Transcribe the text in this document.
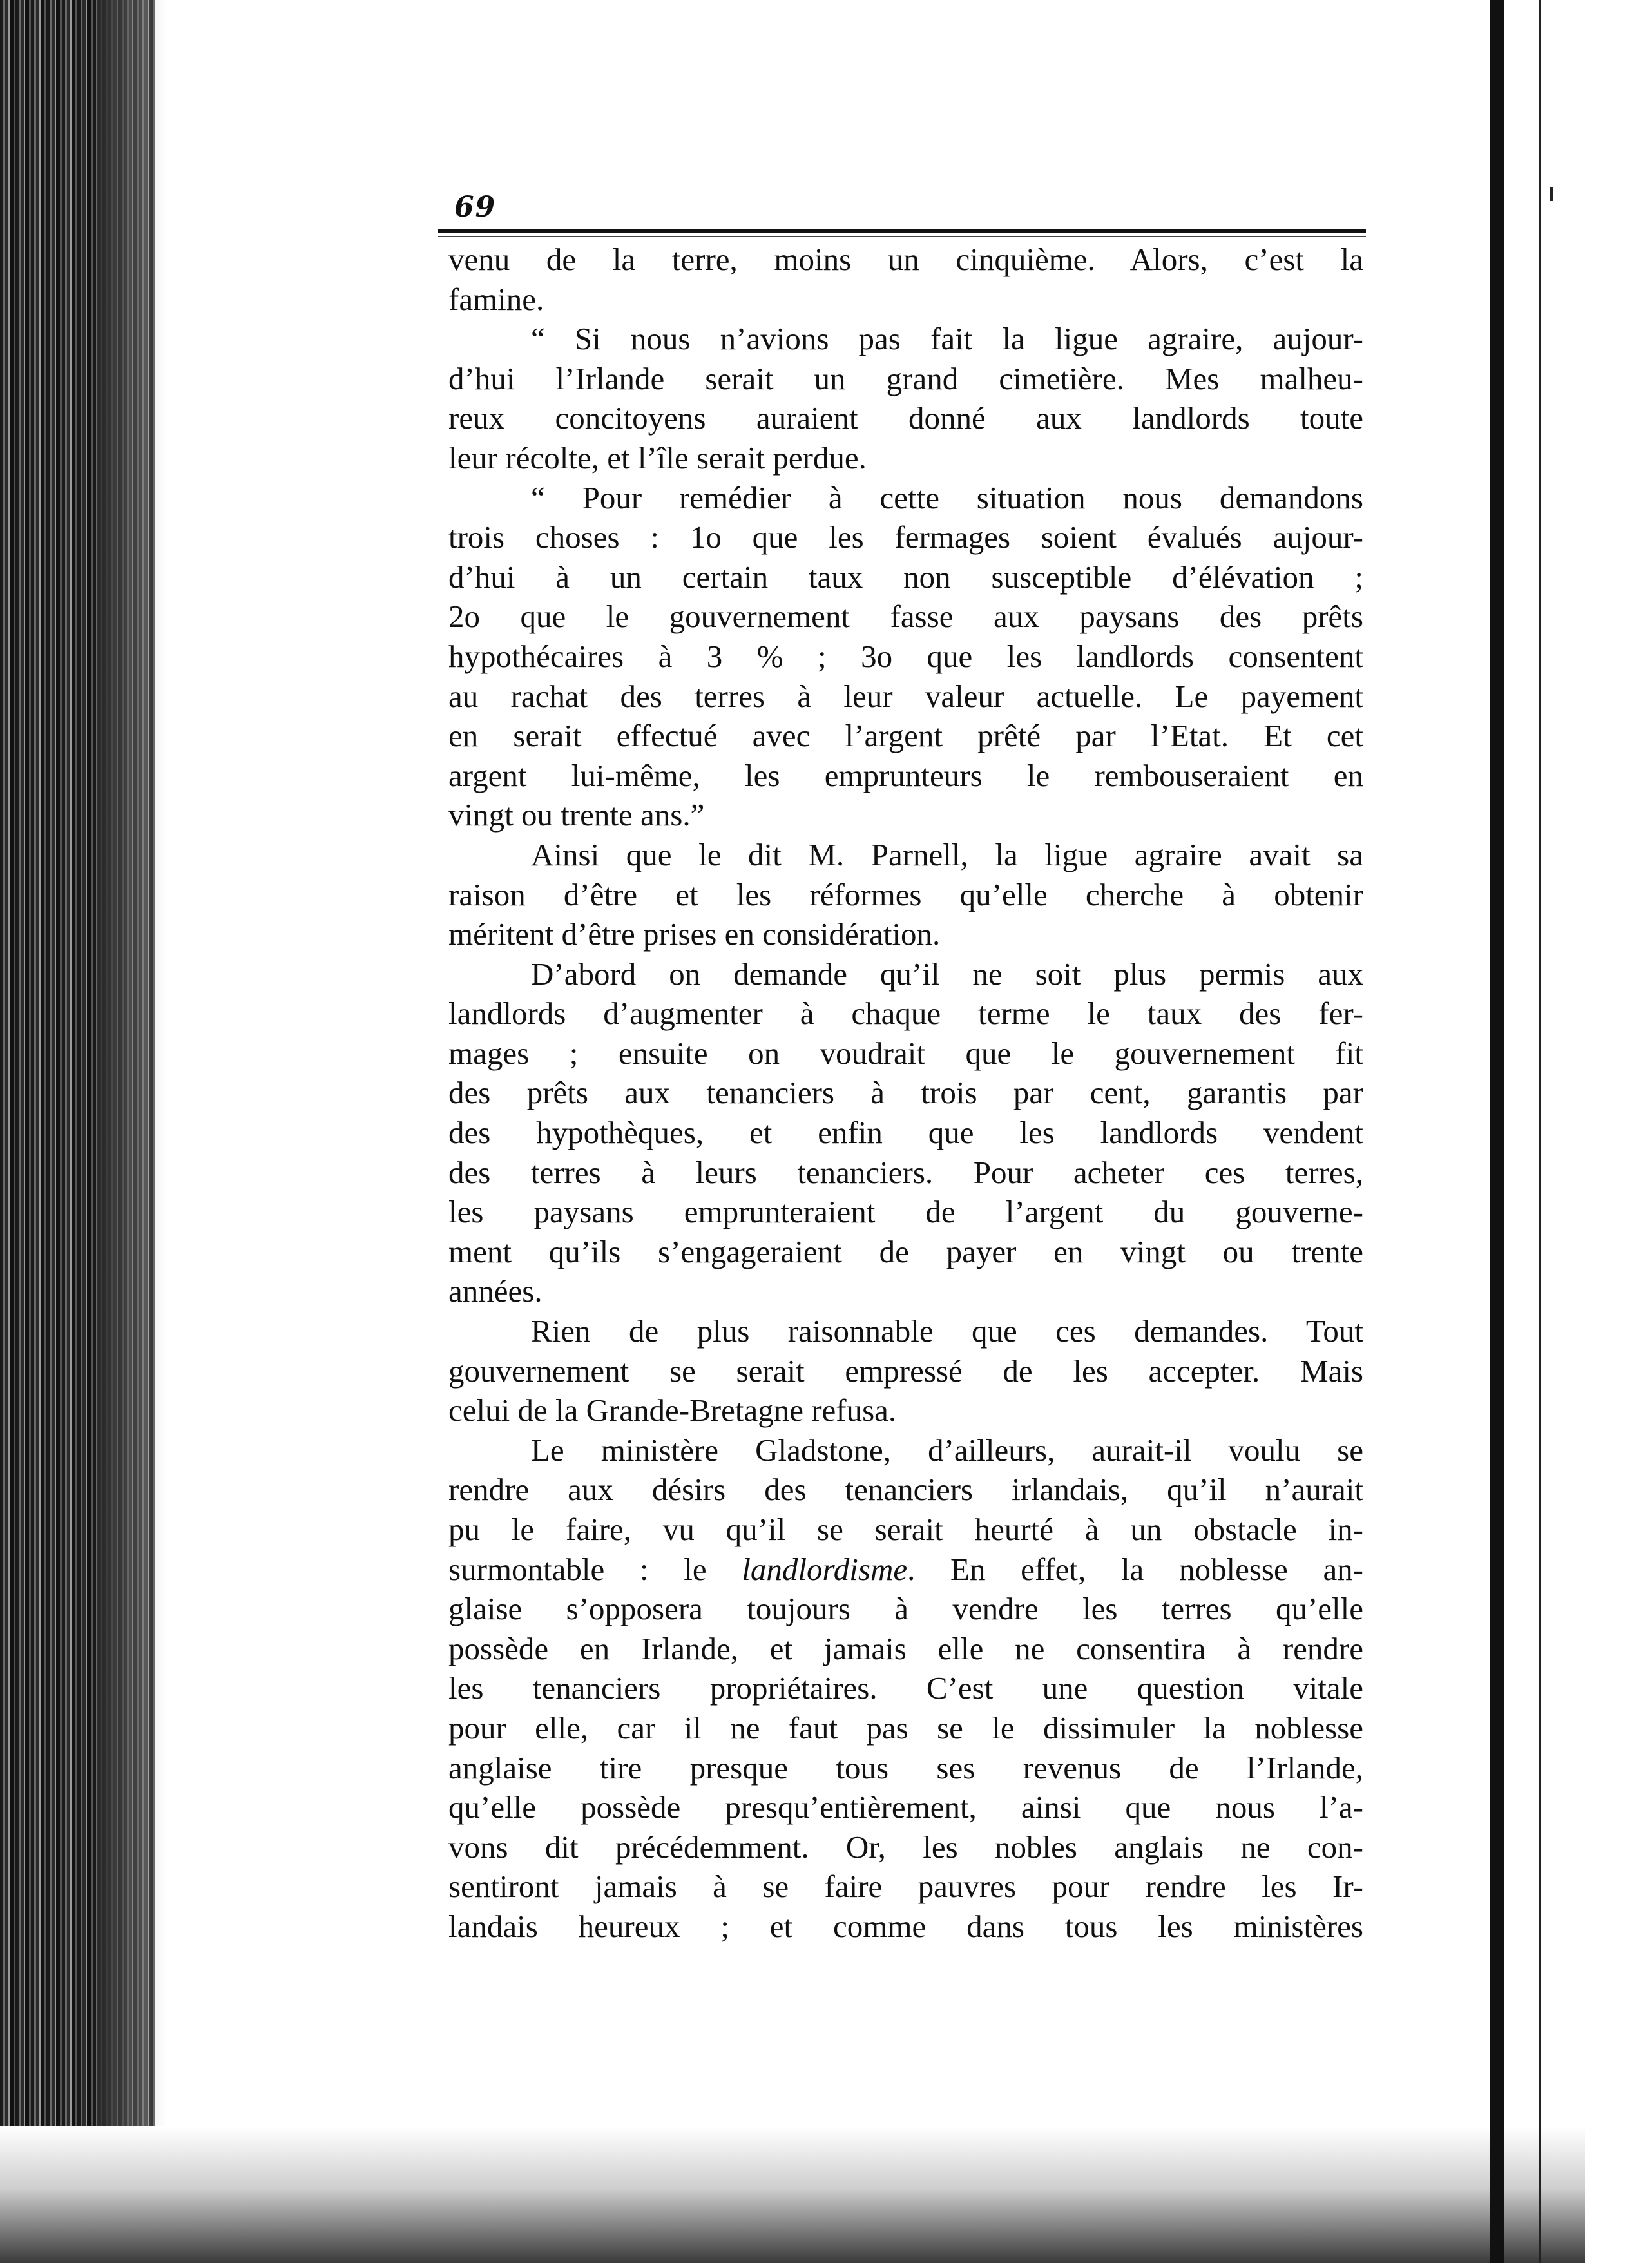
69
venu de la terre, moins un cinquième. Alors, c’est la
famine.
“ Si nous n’avions pas fait la ligue agraire, aujour-
d’hui l’Irlande serait un grand cimetière. Mes malheu-
reux concitoyens auraient donné aux landlords toute
leur récolte, et l’île serait perdue.
“ Pour remédier à cette situation nous demandons
trois choses : 1o que les fermages soient évalués aujour-
d’hui à un certain taux non susceptible d’élévation ;
2o que le gouvernement fasse aux paysans des prêts
hypothécaires à 3 % ; 3o que les landlords consentent
au rachat des terres à leur valeur actuelle. Le payement
en serait effectué avec l’argent prêté par l’Etat. Et cet
argent lui-même, les emprunteurs le rembouseraient en
vingt ou trente ans.”
Ainsi que le dit M. Parnell, la ligue agraire avait sa
raison d’être et les réformes qu’elle cherche à obtenir
méritent d’être prises en considération.
D’abord on demande qu’il ne soit plus permis aux
landlords d’augmenter à chaque terme le taux des fer-
mages ; ensuite on voudrait que le gouvernement fit
des prêts aux tenanciers à trois par cent, garantis par
des hypothèques, et enfin que les landlords vendent
des terres à leurs tenanciers. Pour acheter ces terres,
les paysans emprunteraient de l’argent du gouverne-
ment qu’ils s’engageraient de payer en vingt ou trente
années.
Rien de plus raisonnable que ces demandes. Tout
gouvernement se serait empressé de les accepter. Mais
celui de la Grande-Bretagne refusa.
Le ministère Gladstone, d’ailleurs, aurait-il voulu se
rendre aux désirs des tenanciers irlandais, qu’il n’aurait
pu le faire, vu qu’il se serait heurté à un obstacle in-
surmontable : le landlordisme. En effet, la noblesse an-
glaise s’opposera toujours à vendre les terres qu’elle
possède en Irlande, et jamais elle ne consentira à rendre
les tenanciers propriétaires. C’est une question vitale
pour elle, car il ne faut pas se le dissimuler la noblesse
anglaise tire presque tous ses revenus de l’Irlande,
qu’elle possède presqu’entièrement, ainsi que nous l’a-
vons dit précédemment. Or, les nobles anglais ne con-
sentiront jamais à se faire pauvres pour rendre les Ir-
landais heureux ; et comme dans tous les ministères
